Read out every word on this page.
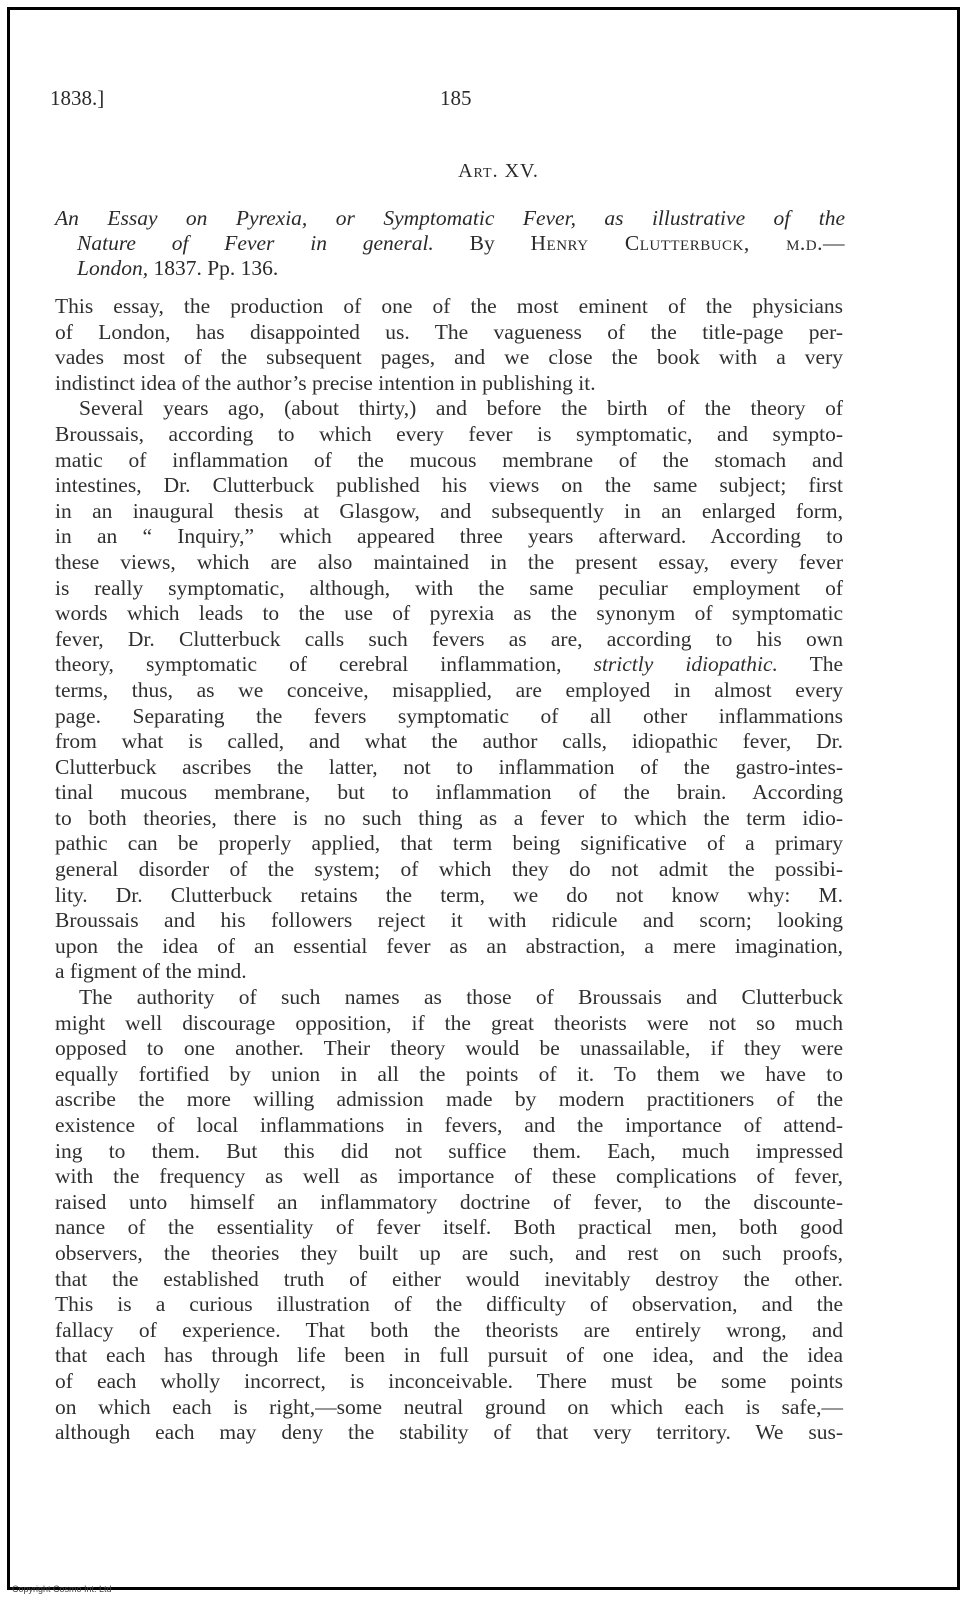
1838.]	185
Art. XV.
An Essay on Pyrexia, or Symptomatic Fever, as illustrative of the
Nature of Fever in general. By Henry Clutterbuck, m.d.—
London, 1837. Pp. 136.
This essay, the production of one of the most eminent of the physicians
of London, has disappointed us. The vagueness of the title-page per-
vades most of the subsequent pages, and we close the book with a very
indistinct idea of the author’s precise intention in publishing it.
Several years ago, (about thirty,) and before the birth of the theory of
Broussais, according to which every fever is symptomatic, and sympto-
matic of inflammation of the mucous membrane of the stomach and
intestines, Dr. Clutterbuck published his views on the same subject; first
in an inaugural thesis at Glasgow, and subsequently in an enlarged form,
in an “ Inquiry,” which appeared three years afterward. According to
these views, which are also maintained in the present essay, every fever
is really symptomatic, although, with the same peculiar employment of
words which leads to the use of pyrexia as the synonym of symptomatic
fever, Dr. Clutterbuck calls such fevers as are, according to his own
theory, symptomatic of cerebral inflammation, strictly idiopathic. The
terms, thus, as we conceive, misapplied, are employed in almost every
page. Separating the fevers symptomatic of all other inflammations
from what is called, and what the author calls, idiopathic fever, Dr.
Clutterbuck ascribes the latter, not to inflammation of the gastro-intes-
tinal mucous membrane, but to inflammation of the brain. According
to both theories, there is no such thing as a fever to which the term idio-
pathic can be properly applied, that term being significative of a primary
general disorder of the system; of which they do not admit the possibi-
lity. Dr. Clutterbuck retains the term, we do not know why: M.
Broussais and his followers reject it with ridicule and scorn; looking
upon the idea of an essential fever as an abstraction, a mere imagination,
a figment of the mind.
The authority of such names as those of Broussais and Clutterbuck
might well discourage opposition, if the great theorists were not so much
opposed to one another. Their theory would be unassailable, if they were
equally fortified by union in all the points of it. To them we have to
ascribe the more willing admission made by modern practitioners of the
existence of local inflammations in fevers, and the importance of attend-
ing to them. But this did not suffice them. Each, much impressed
with the frequency as well as importance of these complications of fever,
raised unto himself an inflammatory doctrine of fever, to the discounte-
nance of the essentiality of fever itself. Both practical men, both good
observers, the theories they built up are such, and rest on such proofs,
that the established truth of either would inevitably destroy the other.
This is a curious illustration of the difficulty of observation, and the
fallacy of experience. That both the theorists are entirely wrong, and
that each has through life been in full pursuit of one idea, and the idea
of each wholly incorrect, is inconceivable. There must be some points
on which each is right,—some neutral ground on which each is safe,—
although each may deny the stability of that very territory. We sus-
Copyright Cosmo Int. Ltd
